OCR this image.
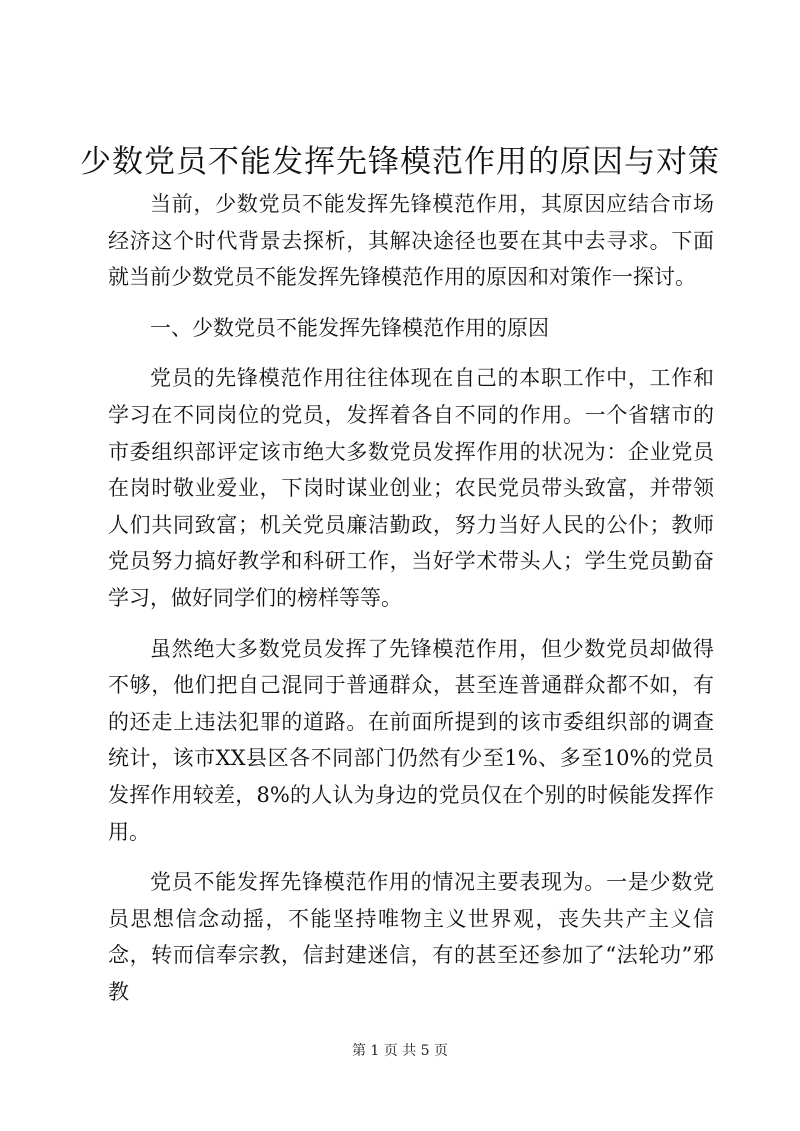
少数党员不能发挥先锋模范作用的原因与对策

当前，少数党员不能发挥先锋模范作用，其原因应结合市场经济这个时代背景去探析，其解决途径也要在其中去寻求。下面就当前少数党员不能发挥先锋模范作用的原因和对策作一探讨。

一、少数党员不能发挥先锋模范作用的原因

党员的先锋模范作用往往体现在自己的本职工作中，工作和学习在不同岗位的党员，发挥着各自不同的作用。一个省辖市的市委组织部评定该市绝大多数党员发挥作用的状况为：企业党员在岗时敬业爱业，下岗时谋业创业；农民党员带头致富，并带领人们共同致富；机关党员廉洁勤政，努力当好人民的公仆；教师党员努力搞好教学和科研工作，当好学术带头人；学生党员勤奋学习，做好同学们的榜样等等。

虽然绝大多数党员发挥了先锋模范作用，但少数党员却做得不够，他们把自己混同于普通群众，甚至连普通群众都不如，有的还走上违法犯罪的道路。在前面所提到的该市委组织部的调查统计，该市XX县区各不同部门仍然有少至1%、多至10%的党员发挥作用较差，8%的人认为身边的党员仅在个别的时候能发挥作用。

党员不能发挥先锋模范作用的情况主要表现为。一是少数党员思想信念动摇，不能坚持唯物主义世界观，丧失共产主义信念，转而信奉宗教，信封建迷信，有的甚至还参加了“法轮功”邪教

第 1 页 共 5 页
